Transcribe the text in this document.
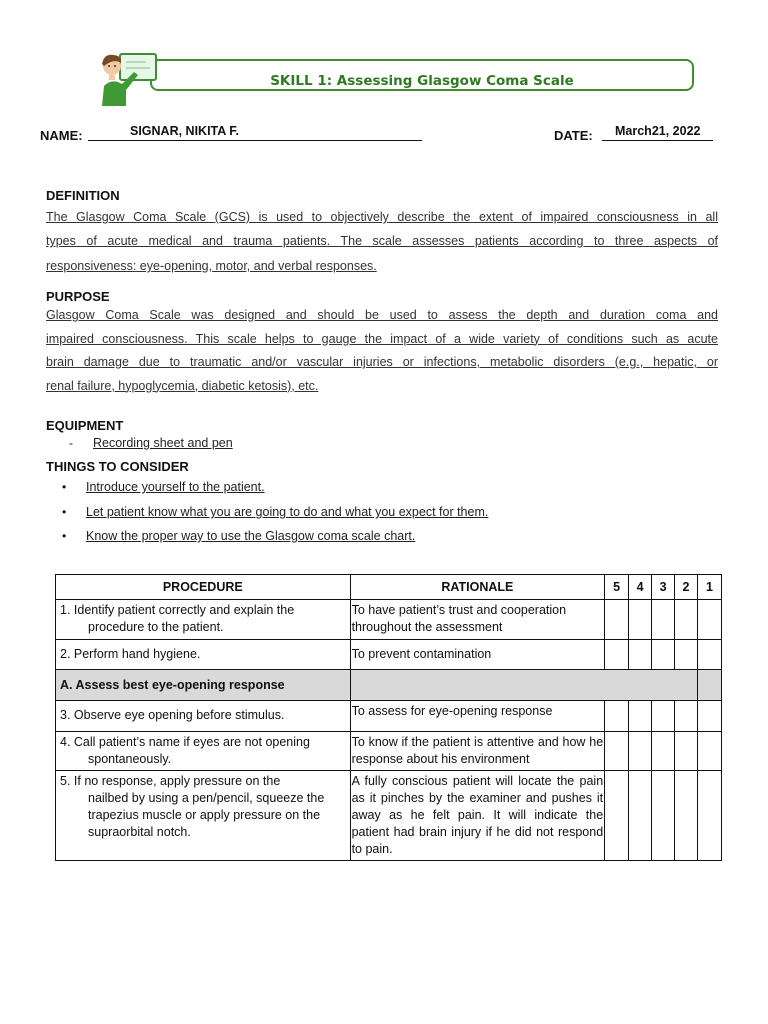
SKILL 1: Assessing Glasgow Coma Scale
NAME:	SIGNAR, NIKITA F.	DATE: March21, 2022
DEFINITION
The Glasgow Coma Scale (GCS) is used to objectively describe the extent of impaired consciousness in all
types of acute medical and trauma patients. The scale assesses patients according to three aspects of
responsiveness: eye-opening, motor, and verbal responses.
PURPOSE
Glasgow Coma Scale was designed and should be used to assess the depth and duration coma and
impaired consciousness. This scale helps to gauge the impact of a wide variety of conditions such as acute
brain damage due to traumatic and/or vascular injuries or infections, metabolic disorders (e.g., hepatic, or
renal failure, hypoglycemia, diabetic ketosis), etc.
EQUIPMENT
- Recording sheet and pen
THINGS TO CONSIDER
• Introduce yourself to the patient.
• Let patient know what you are going to do and what you expect for them.
• Know the proper way to use the Glasgow coma scale chart.
PROCEDURE	RATIONALE	5	4	3	2	1

1. Identify patient correctly and explain the
procedure to the patient.	To have patient’s trust and cooperation throughout the assessment					

2. Perform hand hygiene.	To prevent contamination					
A. Assess best eye-opening response						

3. Observe eye opening before stimulus.	To assess for eye-opening response					

4. Call patient’s name if eyes are not opening
spontaneously.	To know if the patient is attentive and how he response about his environment					

5. If no response, apply pressure on the
nailbed by using a pen/pencil, squeeze the trapezius muscle or apply pressure on the supraorbital notch.	A fully conscious patient will locate the pain as it pinches by the examiner and pushes it away as he felt pain. It will indicate the patient had brain injury if he did not respond to pain.					
